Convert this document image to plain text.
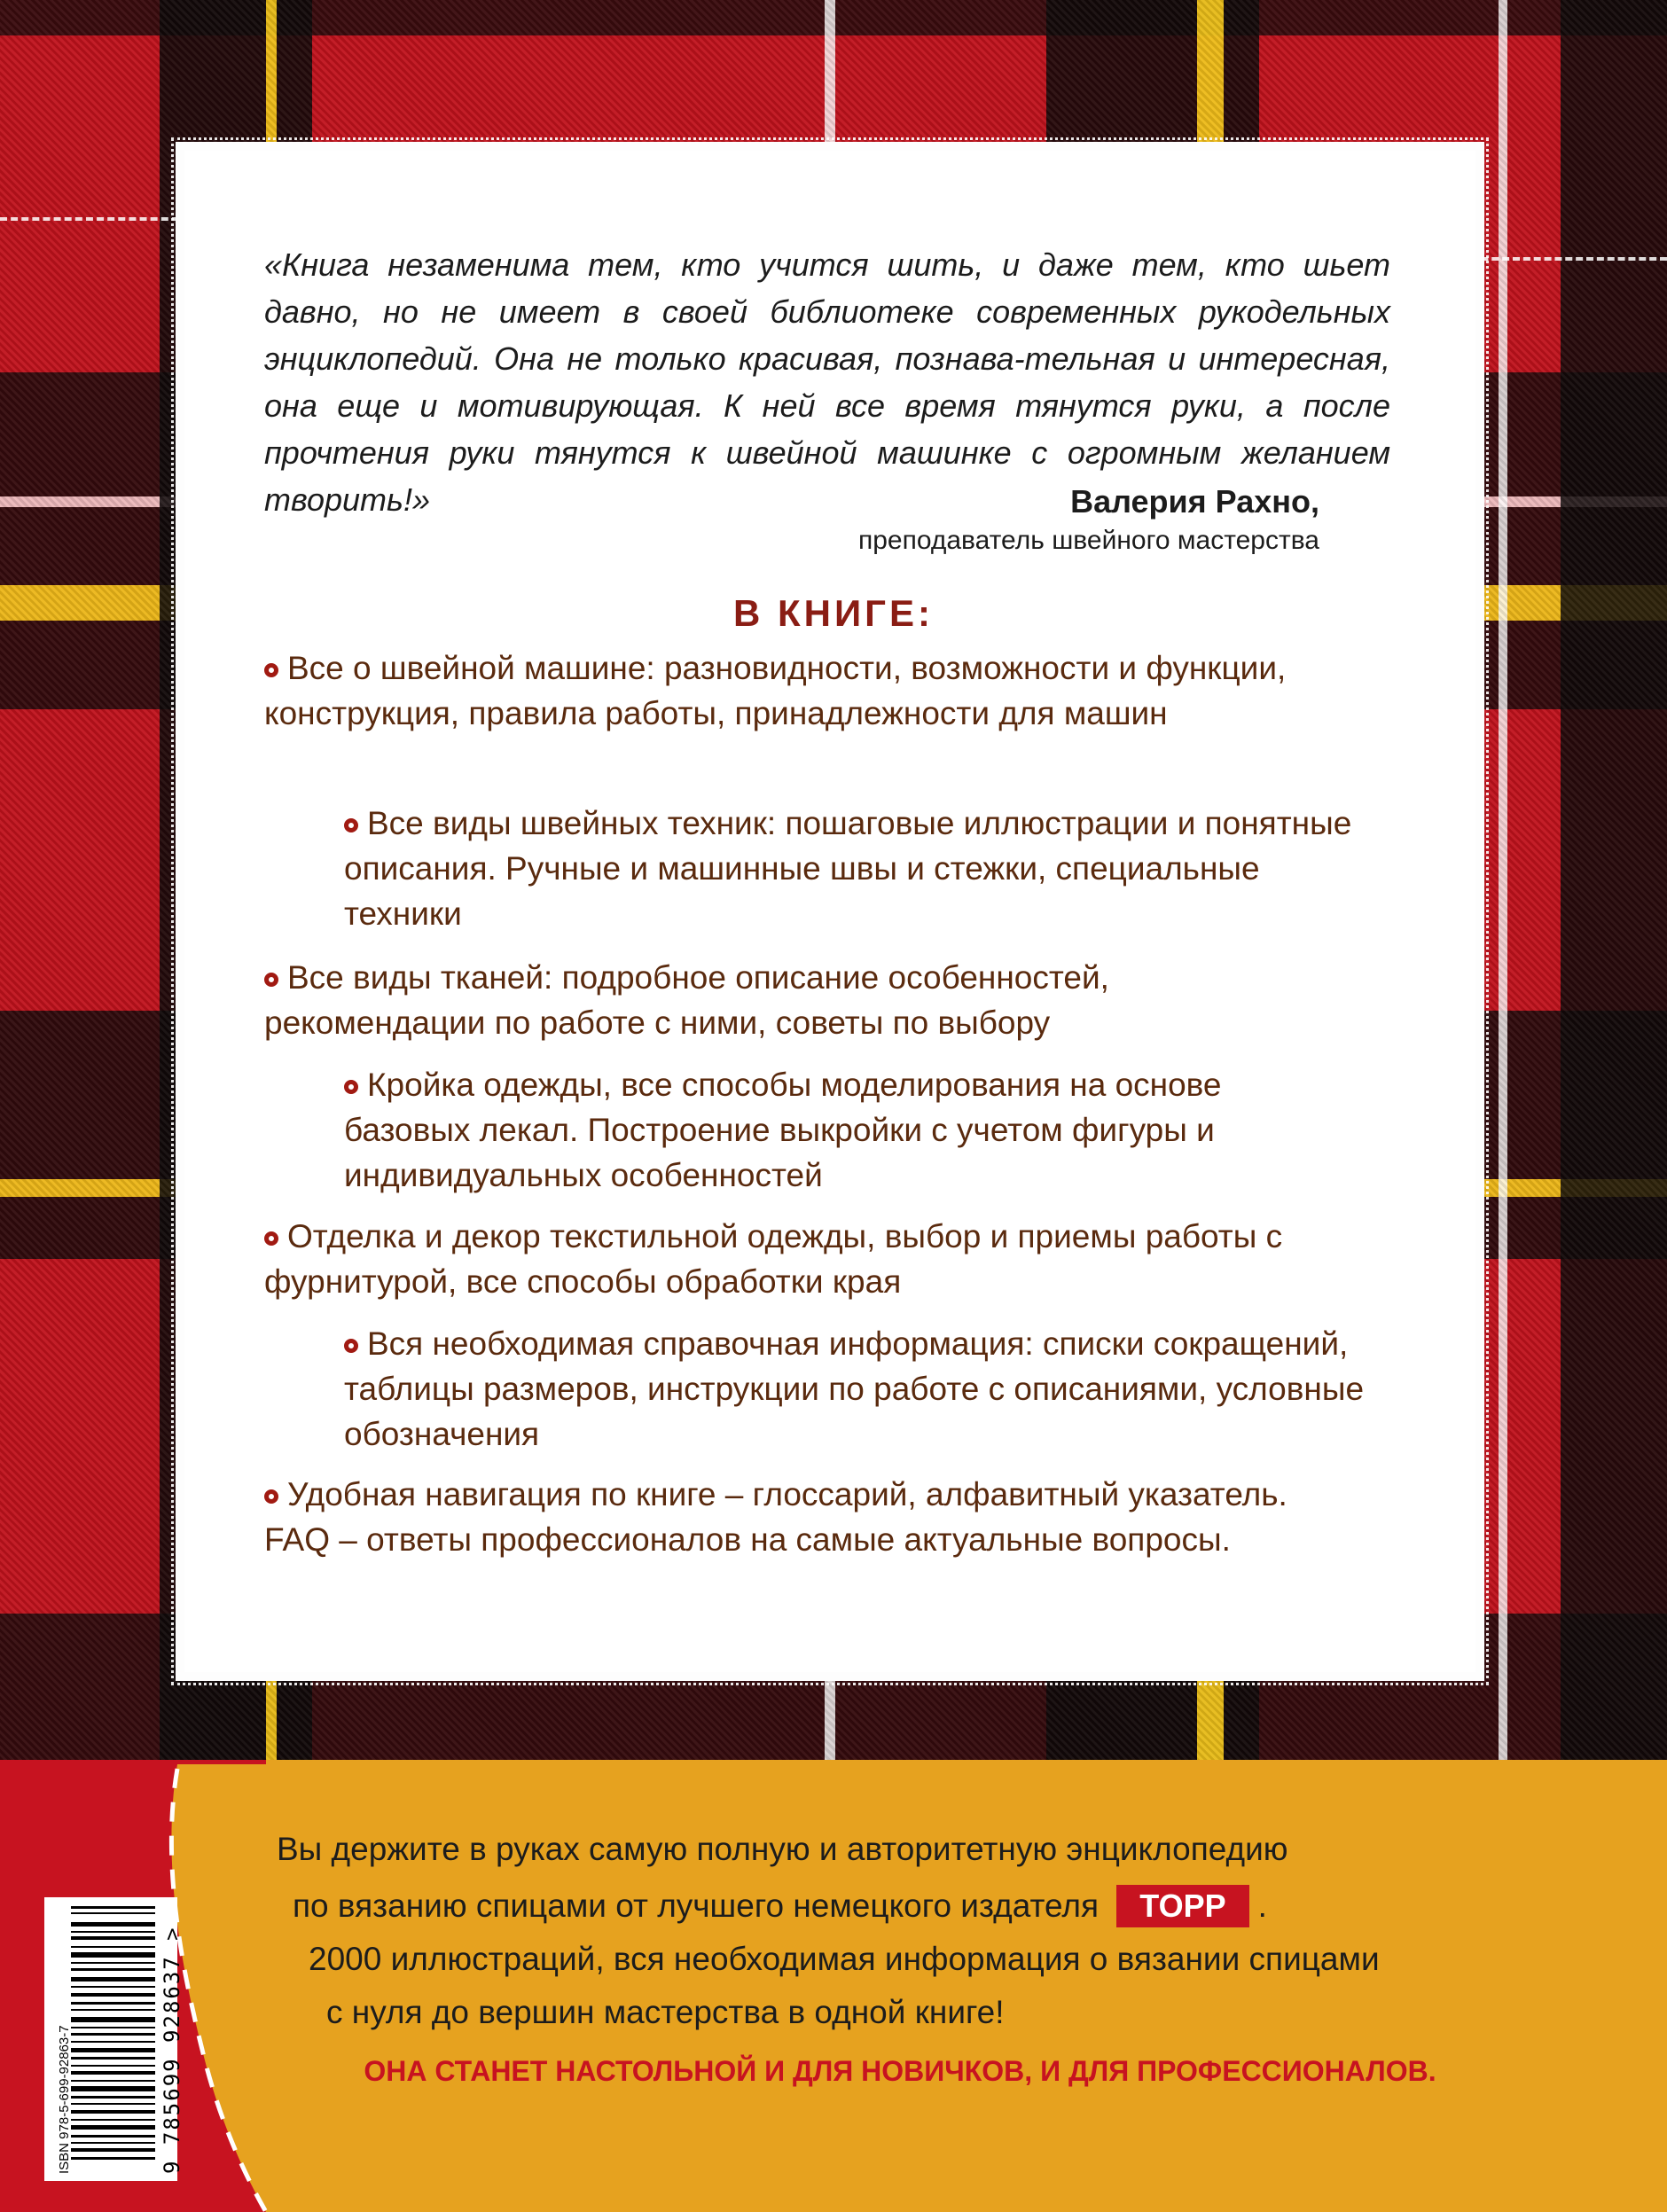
«Книга незаменима тем, кто учится шить, и даже тем, кто шьет давно, но не имеет в своей библиотеке современных рукодельных энциклопедий. Она не только красивая, познава-тельная и интересная, она еще и мотивирующая. К ней все время тянутся руки, а после прочтения руки тянутся к швейной машинке с огромным желанием творить!»	Валерия Рахно,
преподаватель швейного мастерства
В КНИГЕ:
Все о швейной машине: разновидности, возможности и функции, конструкция, правила работы, принадлежности для машин
Все виды швейных техник: пошаговые иллюстрации и понятные описания. Ручные и машинные швы и стежки, специальные техники
Все виды тканей: подробное описание особенностей, рекомендации по работе с ними, советы по выбору
Кройка одежды, все способы моделирования на основе базовых лекал. Построение выкройки с учетом фигуры и индивидуальных особенностей
Отделка и декор текстильной одежды, выбор и приемы работы с фурнитурой, все способы обработки края
Вся необходимая справочная информация: списки сокращений, таблицы размеров, инструкции по работе с описаниями, условные обозначения
Удобная навигация по книге – глоссарий, алфавитный указатель. FAQ – ответы профессионалов на самые актуальные вопросы.
ISBN 978-5-699-92863-7	9 785699 928637 >
Вы держите в руках самую полную и авторитетную энциклопедию
по вязанию спицами от лучшего немецкого издателя TOPP .
2000 иллюстраций, вся необходимая информация о вязании спицами
с нуля до вершин мастерства в одной книге!
ОНА СТАНЕТ НАСТОЛЬНОЙ И ДЛЯ НОВИЧКОВ, И ДЛЯ ПРОФЕССИОНАЛОВ.
